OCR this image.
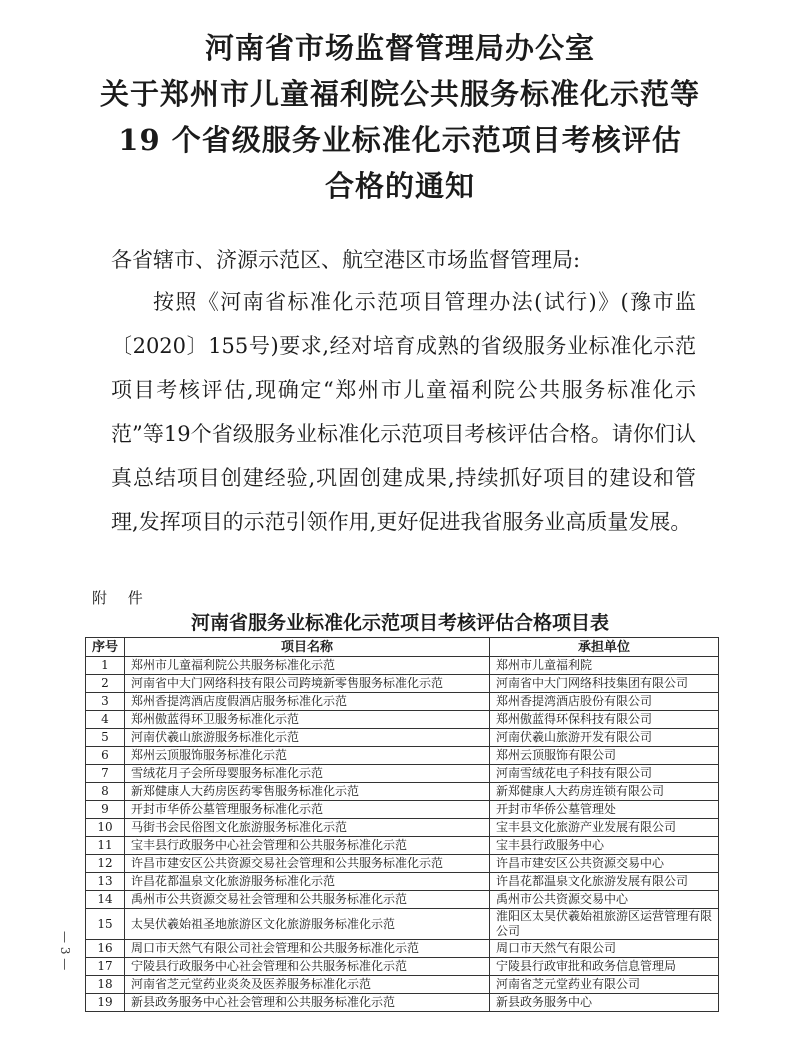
河南省市场监督管理局办公室
关于郑州市儿童福利院公共服务标准化示范等
19 个省级服务业标准化示范项目考核评估
合格的通知
各省辖市、济源示范区、航空港区市场监督管理局:
按照《河南省标准化示范项目管理办法(试行)》(豫市监〔2020〕155号)要求,经对培育成熟的省级服务业标准化示范项目考核评估,现确定“郑州市儿童福利院公共服务标准化示范”等19个省级服务业标准化示范项目考核评估合格。请你们认真总结项目创建经验,巩固创建成果,持续抓好项目的建设和管理,发挥项目的示范引领作用,更好促进我省服务业高质量发展。
附 件
河南省服务业标准化示范项目考核评估合格项目表
序号	项目名称	承担单位
1	郑州市儿童福利院公共服务标准化示范	郑州市儿童福利院
2	河南省中大门网络科技有限公司跨境新零售服务标准化示范	河南省中大门网络科技集团有限公司
3	郑州香提湾酒店度假酒店服务标准化示范	郑州香提湾酒店股份有限公司
4	郑州傲蓝得环卫服务标准化示范	郑州傲蓝得环保科技有限公司
5	河南伏羲山旅游服务标准化示范	河南伏羲山旅游开发有限公司
6	郑州云顶服饰服务标准化示范	郑州云顶服饰有限公司
7	雪绒花月子会所母婴服务标准化示范	河南雪绒花电子科技有限公司
8	新郑健康人大药房医药零售服务标准化示范	新郑健康人大药房连锁有限公司
9	开封市华侨公墓管理服务标准化示范	开封市华侨公墓管理处
10	马街书会民俗图文化旅游服务标准化示范	宝丰县文化旅游产业发展有限公司
11	宝丰县行政服务中心社会管理和公共服务标准化示范	宝丰县行政服务中心
12	许昌市建安区公共资源交易社会管理和公共服务标准化示范	许昌市建安区公共资源交易中心
13	许昌花都温泉文化旅游服务标准化示范	许昌花都温泉文化旅游发展有限公司
14	禹州市公共资源交易社会管理和公共服务标准化示范	禹州市公共资源交易中心
15	太昊伏羲始祖圣地旅游区文化旅游服务标准化示范	淮阳区太昊伏羲始祖旅游区运营管理有限公司
16	周口市天然气有限公司社会管理和公共服务标准化示范	周口市天然气有限公司
17	宁陵县行政服务中心社会管理和公共服务标准化示范	宁陵县行政审批和政务信息管理局
18	河南省芝元堂药业炎灸及医养服务标准化示范	河南省芝元堂药业有限公司
19	新县政务服务中心社会管理和公共服务标准化示范	新县政务服务中心
— 3 —
